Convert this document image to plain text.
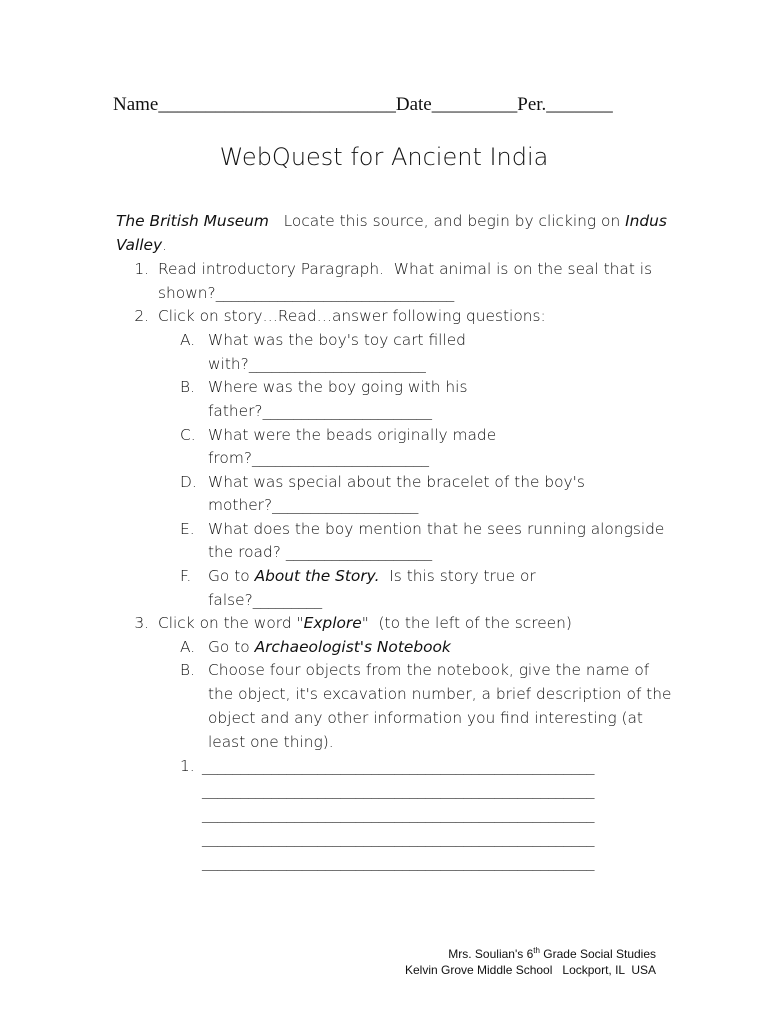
Name_________________________Date_________Per._______
WebQuest for Ancient India
The British Museum   Locate this source, and begin by clicking on Indus
Valley.
1. Read introductory Paragraph.  What animal is on the seal that is
shown?_______________________________
2. Click on story…Read…answer following questions:
A. What was the boy's toy cart filled
with?_______________________
B. Where was the boy going with his
father?______________________
C. What were the beads originally made
from?_______________________
D. What was special about the bracelet of the boy's
mother?___________________
E. What does the boy mention that he sees running alongside
the road? ___________________
F. Go to About the Story.  Is this story true or
false?_________
3. Click on the word "Explore"  (to the left of the screen)
A. Go to Archaeologist's Notebook
B. Choose four objects from the notebook, give the name of
the object, it's excavation number, a brief description of the
object and any other information you find interesting (at
least one thing).
1. ___________________________________________________
___________________________________________________
___________________________________________________
___________________________________________________
___________________________________________________
Mrs. Soulian's 6th Grade Social Studies
Kelvin Grove Middle School   Lockport, IL  USA
